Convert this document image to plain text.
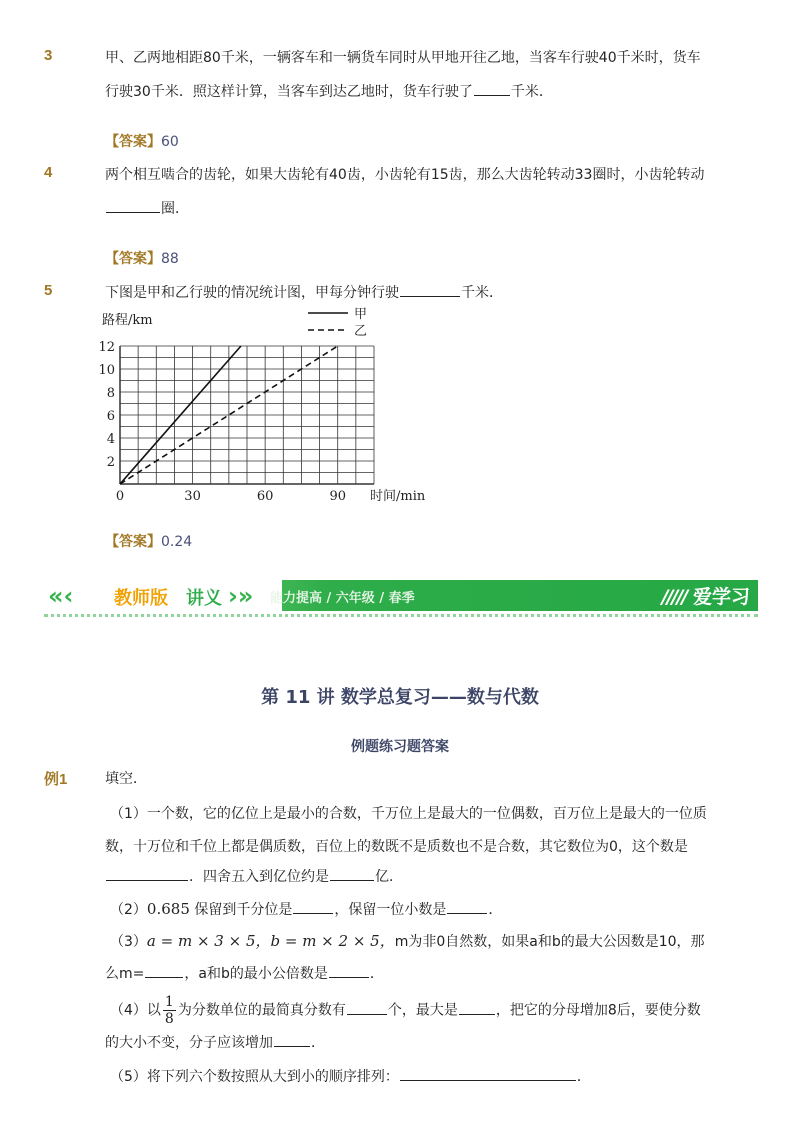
3	甲、乙两地相距80千米，一辆客车和一辆货车同时从甲地开往乙地，当客车行驶40千米时，货车
行驶30千米．照这样计算，当客车到达乙地时，货车行驶了	千米．
【答案】60
4	两个相互啮合的齿轮，如果大齿轮有40齿，小齿轮有15齿，那么大齿轮转动33圈时，小齿轮转动
圈．
【答案】88
5	下图是甲和乙行驶的情况统计图，甲每分钟行驶	千米．
2
4
6
8
10
12
0	30	60	90
甲
乙
路程/km
时间/min
【答案】0.24
«‹ 教师版 讲义 ›» 能力提高 / 六年级 / 春季	///// 爱学习
第 11 讲 数学总复习——数与代数
例题练习题答案
例1	填空．
（1）一个数，它的亿位上是最小的合数，千万位上是最大的一位偶数，百万位上是最大的一位质
数，十万位和千位上都是偶质数，百位上的数既不是质数也不是合数，其它数位为0，这个数是
．四舍五入到亿位约是	亿．
（2）0.685 保留到千分位是	，保留一位小数是	．
（3）a = m × 3 × 5，b = m × 2 × 5，m为非0自然数，如果a和b的最大公因数是10，那
么m=	，a和b的最小公倍数是	．
（4）以 $\frac{1}{8}$ 为分数单位的最简真分数有	个，最大是	，把它的分母增加8后，要使分数
的大小不变，分子应该增加	．
（5）将下列六个数按照从大到小的顺序排列：	．
